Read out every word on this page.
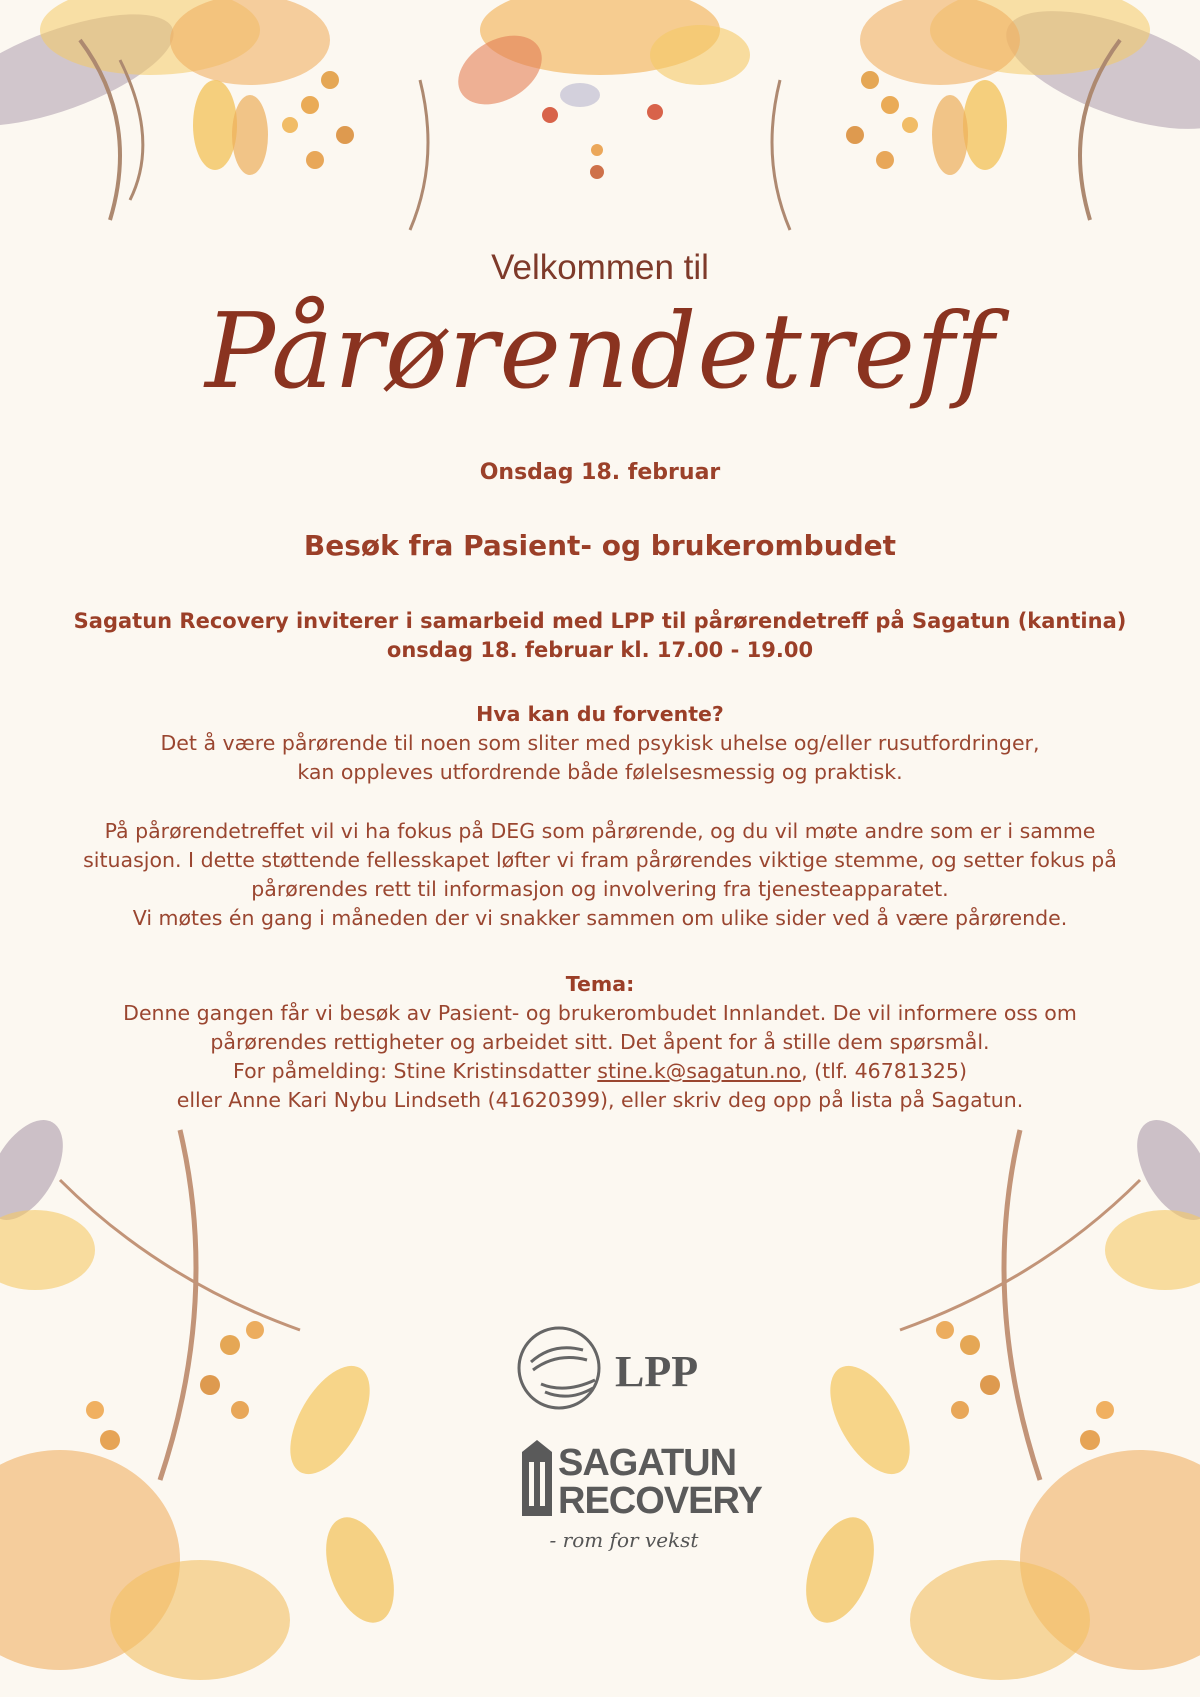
Velkommen til
Pårørendetreff
Onsdag 18. februar
Besøk fra Pasient- og brukerombudet
Sagatun Recovery inviterer i samarbeid med LPP til pårørendetreff på Sagatun (kantina)
onsdag 18. februar kl. 17.00 - 19.00
Hva kan du forvente?
Det å være pårørende til noen som sliter med psykisk uhelse og/eller rusutfordringer,
kan oppleves utfordrende både følelsesmessig og praktisk.
På pårørendetreffet vil vi ha fokus på DEG som pårørende, og du vil møte andre som er i samme
situasjon. I dette støttende fellesskapet løfter vi fram pårørendes viktige stemme, og setter fokus på
pårørendes rett til informasjon og involvering fra tjenesteapparatet.
Vi møtes én gang i måneden der vi snakker sammen om ulike sider ved å være pårørende.
Tema:
Denne gangen får vi besøk av Pasient- og brukerombudet Innlandet. De vil informere oss om
pårørendes rettigheter og arbeidet sitt. Det åpent for å stille dem spørsmål.
For påmelding: Stine Kristinsdatter stine.k@sagatun.no, (tlf. 46781325)
eller Anne Kari Nybu Lindseth (41620399), eller skriv deg opp på lista på Sagatun.
LPP
SAGATUN
RECOVERY
- rom for vekst
